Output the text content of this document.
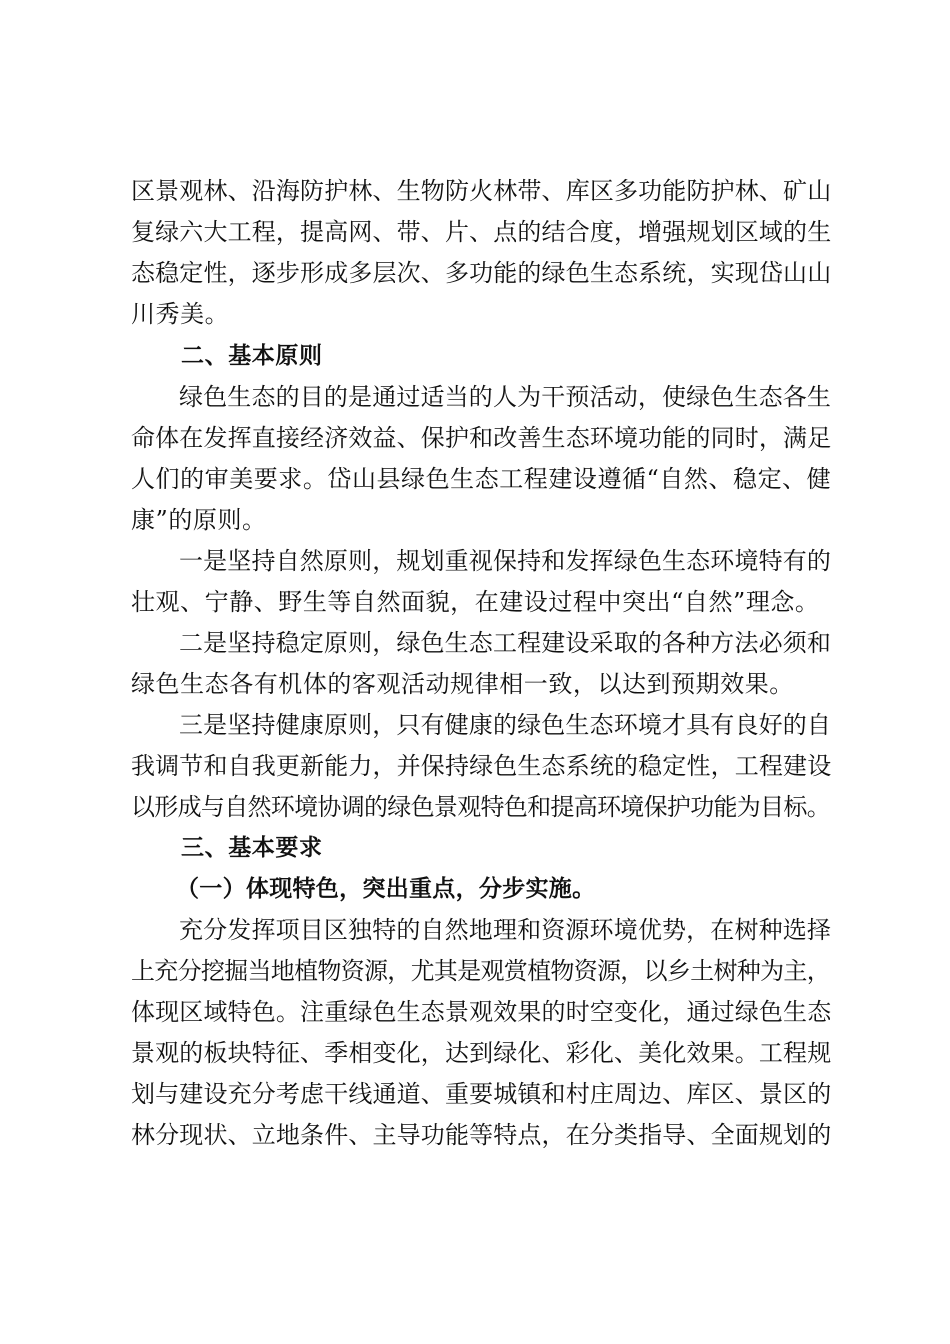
区景观林、沿海防护林、生物防火林带、库区多功能防护林、矿山
复绿六大工程，提高网、带、片、点的结合度，增强规划区域的生
态稳定性，逐步形成多层次、多功能的绿色生态系统，实现岱山山
川秀美。
二、基本原则
绿色生态的目的是通过适当的人为干预活动，使绿色生态各生
命体在发挥直接经济效益、保护和改善生态环境功能的同时，满足
人们的审美要求。岱山县绿色生态工程建设遵循“自然、稳定、健
康”的原则。
一是坚持自然原则，规划重视保持和发挥绿色生态环境特有的
壮观、宁静、野生等自然面貌，在建设过程中突出“自然”理念。
二是坚持稳定原则，绿色生态工程建设采取的各种方法必须和
绿色生态各有机体的客观活动规律相一致，以达到预期效果。
三是坚持健康原则，只有健康的绿色生态环境才具有良好的自
我调节和自我更新能力，并保持绿色生态系统的稳定性，工程建设
以形成与自然环境协调的绿色景观特色和提高环境保护功能为目标。
三、基本要求
（一）体现特色，突出重点，分步实施。
充分发挥项目区独特的自然地理和资源环境优势，在树种选择
上充分挖掘当地植物资源，尤其是观赏植物资源，以乡土树种为主，
体现区域特色。注重绿色生态景观效果的时空变化，通过绿色生态
景观的板块特征、季相变化，达到绿化、彩化、美化效果。工程规
划与建设充分考虑干线通道、重要城镇和村庄周边、库区、景区的
林分现状、立地条件、主导功能等特点，在分类指导、全面规划的
